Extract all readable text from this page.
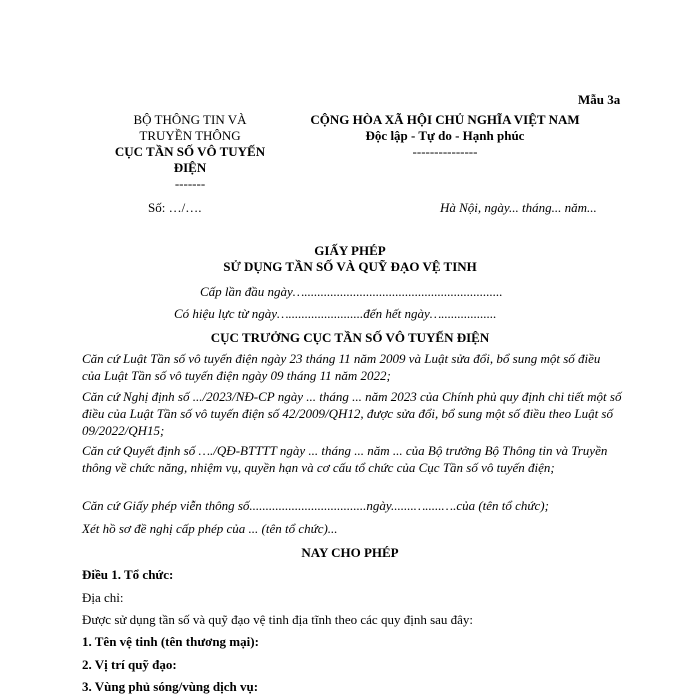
Mẫu 3a
BỘ THÔNG TIN VÀ
TRUYỀN THÔNG
CỤC TẦN SỐ VÔ TUYẾN
ĐIỆN
-------
Số: …/….
CỘNG HÒA XÃ HỘI CHỦ NGHĨA VIỆT NAM
Độc lập - Tự do - Hạnh phúc
---------------
Hà Nội, ngày... tháng... năm...
GIẤY PHÉP
SỬ DỤNG TẦN SỐ VÀ QUỸ ĐẠO VỆ TINH
Cấp lần đầu ngày….............................................................
Có hiệu lực từ ngày….......................đến hết ngày….................
CỤC TRƯỞNG CỤC TẦN SỐ VÔ TUYẾN ĐIỆN
Căn cứ Luật Tần số vô tuyến điện ngày 23 tháng 11 năm 2009 và Luật sửa đổi, bổ sung một số điều của Luật Tần số vô tuyến điện ngày 09 tháng 11 năm 2022;
Căn cứ Nghị định số .../2023/NĐ-CP ngày ... tháng ... năm 2023 của Chính phủ quy định chi tiết một số điều của Luật Tần số vô tuyến điện số 42/2009/QH12, được sửa đổi, bổ sung một số điều theo Luật số 09/2022/QH15;
Căn cứ Quyết định số …./QĐ-BTTTT ngày ... tháng ... năm ... của Bộ trưởng Bộ Thông tin và Truyền thông về chức năng, nhiệm vụ, quyền hạn và cơ cấu tổ chức của Cục Tần số vô tuyến điện;
Căn cứ Giấy phép viễn thông số....................................ngày.......….....….của (tên tổ chức);
Xét hồ sơ đề nghị cấp phép của ... (tên tổ chức)...
NAY CHO PHÉP
Điều 1. Tổ chức:
Địa chỉ:
Được sử dụng tần số và quỹ đạo vệ tinh địa tĩnh theo các quy định sau đây:
1. Tên vệ tinh (tên thương mại):
2. Vị trí quỹ đạo:
3. Vùng phủ sóng/vùng dịch vụ:
